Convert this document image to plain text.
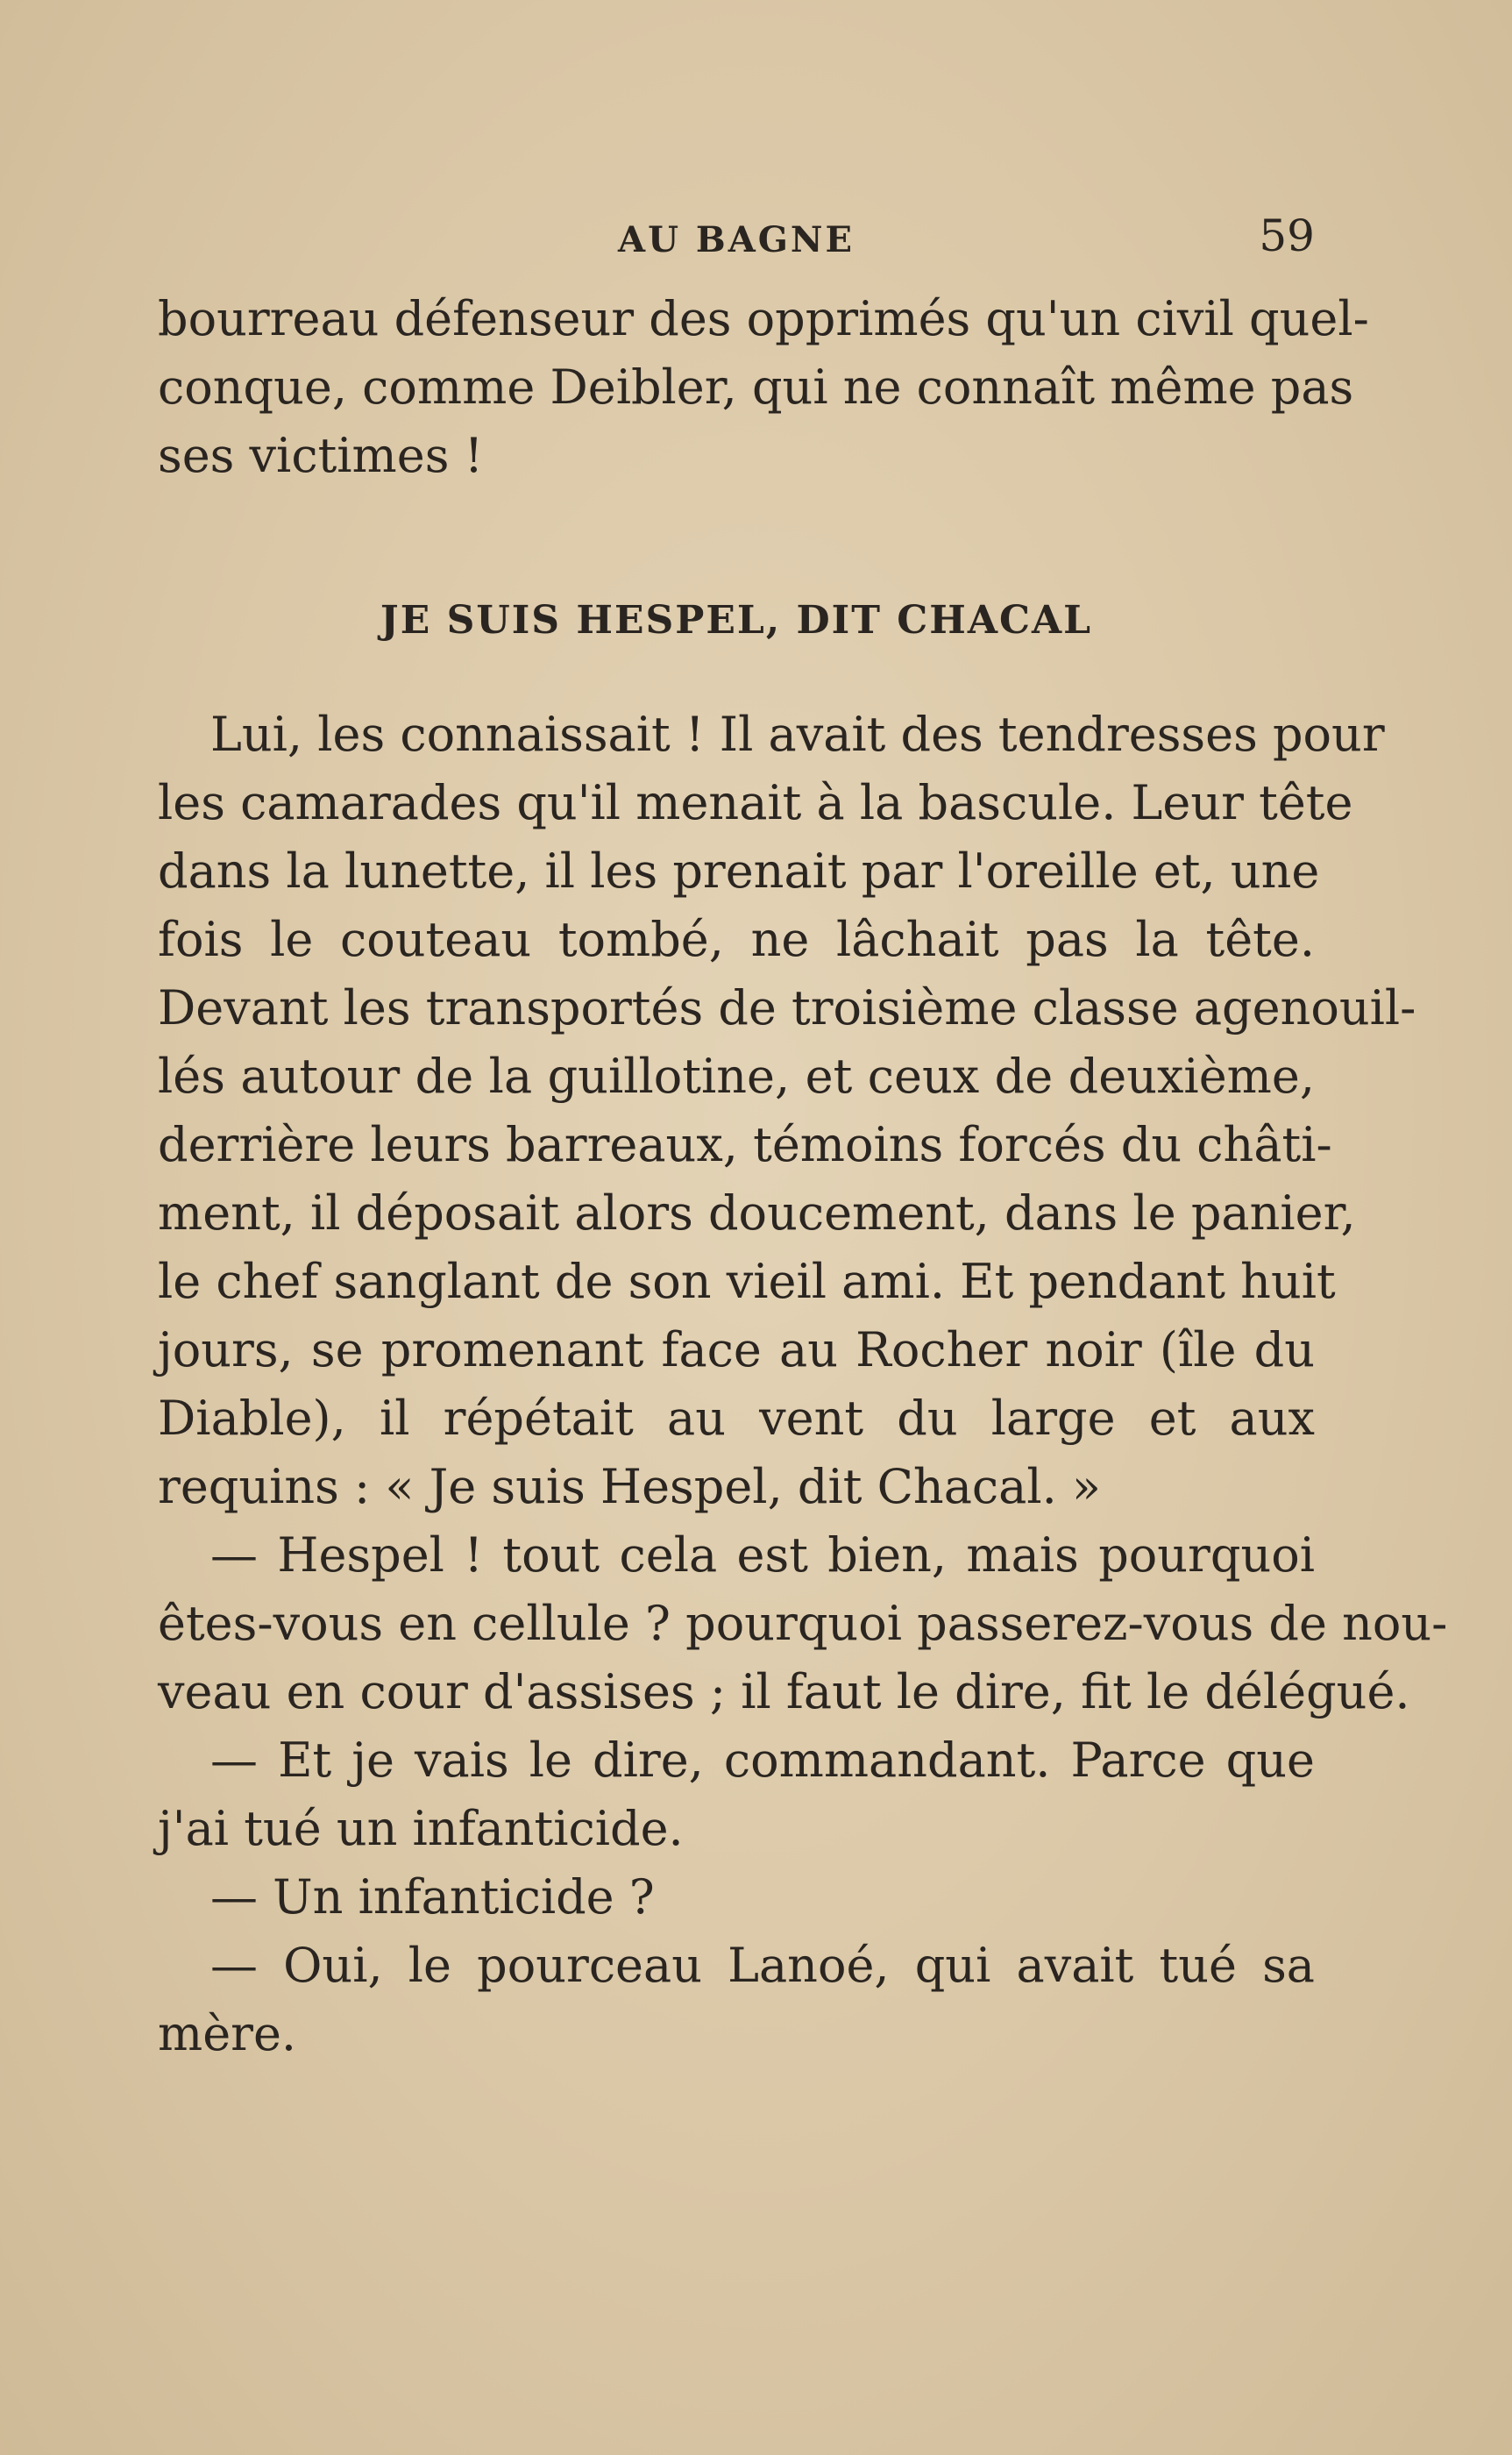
AU BAGNE	59
bourreau défenseur des opprimés qu'un civil quel-
conque, comme Deibler, qui ne connaît même pas
ses victimes !
JE SUIS HESPEL, DIT CHACAL
Lui, les connaissait ! Il avait des tendresses pour
les camarades qu'il menait à la bascule. Leur tête
dans la lunette, il les prenait par l'oreille et, une
fois le couteau tombé, ne lâchait pas la tête.
Devant les transportés de troisième classe agenouil-
lés autour de la guillotine, et ceux de deuxième,
derrière leurs barreaux, témoins forcés du châti-
ment, il déposait alors doucement, dans le panier,
le chef sanglant de son vieil ami. Et pendant huit
jours, se promenant face au Rocher noir (île du
Diable), il répétait au vent du large et aux
requins : « Je suis Hespel, dit Chacal. »
— Hespel ! tout cela est bien, mais pourquoi
êtes-vous en cellule ? pourquoi passerez-vous de nou-
veau en cour d'assises ; il faut le dire, fit le délégué.
— Et je vais le dire, commandant. Parce que
j'ai tué un infanticide.
— Un infanticide ?
— Oui, le pourceau Lanoé, qui avait tué sa
mère.
